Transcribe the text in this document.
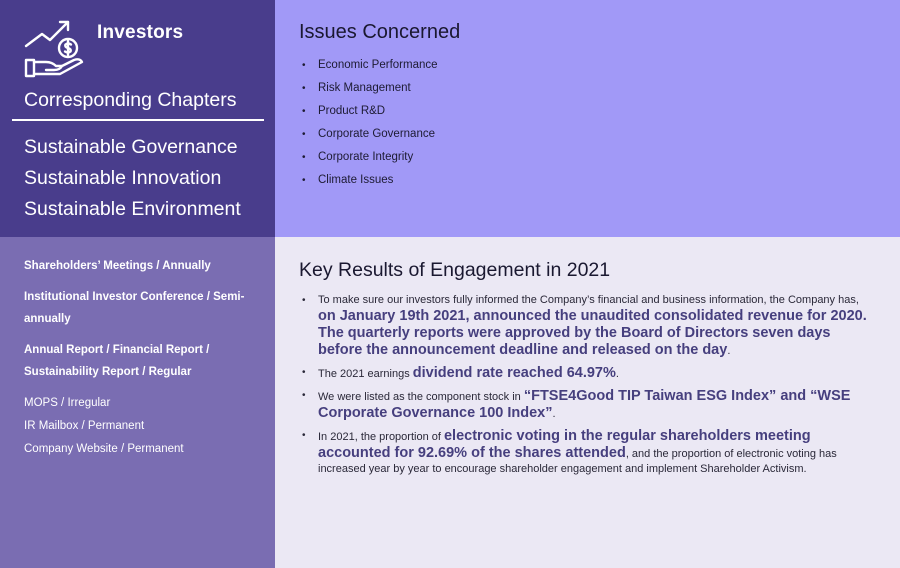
Investors
Corresponding Chapters
Sustainable Governance
Sustainable Innovation
Sustainable Environment
Issues Concerned
• Economic Performance
• Risk Management
• Product R&D
• Corporate Governance
• Corporate Integrity
• Climate Issues
Shareholders’ Meetings / Annually
Institutional Investor Conference / Semi-annually
Annual Report / Financial Report / Sustainability Report / Regular
MOPS / Irregular
IR Mailbox / Permanent
Company Website / Permanent
Key Results of Engagement in 2021
• To make sure our investors fully informed the Company’s financial and business information, the Company has, on January 19th 2021, announced the unaudited consolidated revenue for 2020. The quarterly reports were approved by the Board of Directors seven days before the announcement deadline and released on the day.
• The 2021 earnings dividend rate reached 64.97%.
• We were listed as the component stock in “FTSE4Good TIP Taiwan ESG Index” and “WSE Corporate Governance 100 Index”.
• In 2021, the proportion of electronic voting in the regular shareholders meeting accounted for 92.69% of the shares attended, and the proportion of electronic voting has increased year by year to encourage shareholder engagement and implement Shareholder Activism.
